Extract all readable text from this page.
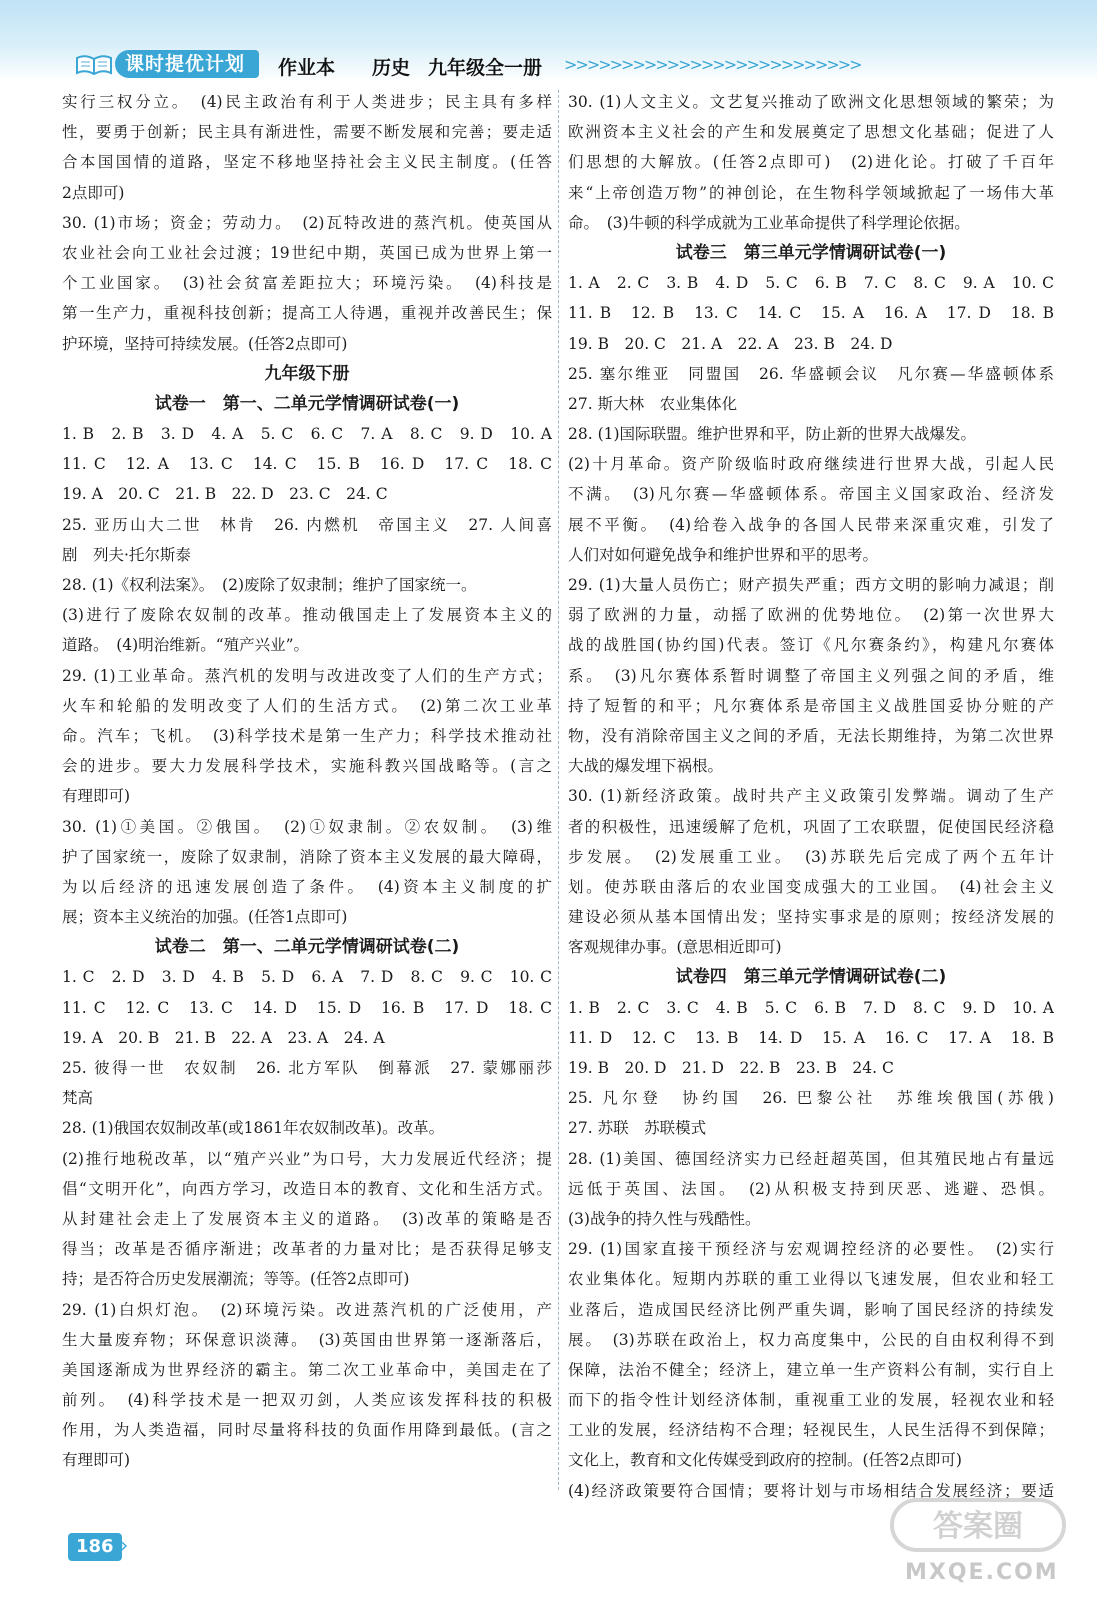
课时提优计划	作业本 历史 九年级全一册 >>>>>>>>>>>>>>>>>>>>>>>>>>
实行三权分立。　(4)民主政治有利于人类进步；民主具有多样
性，要勇于创新；民主具有渐进性，需要不断发展和完善；要走适
合本国国情的道路，坚定不移地坚持社会主义民主制度。(任答
2点即可)
30. (1)市场；资金；劳动力。　(2)瓦特改进的蒸汽机。使英国从
农业社会向工业社会过渡；19世纪中期，英国已成为世界上第一
个工业国家。　(3)社会贫富差距拉大；环境污染。　(4)科技是
第一生产力，重视科技创新；提高工人待遇，重视并改善民生；保
护环境，坚持可持续发展。(任答2点即可)
九年级下册
试卷一　第一、二单元学情调研试卷(一)
1. B　2. B　3. D　4. A　5. C　6. C　7. A　8. C　9. D　10. A
11. C　12. A　13. C　14. C　15. B　16. D　17. C　18. C
19. A　20. C　21. B　22. D　23. C　24. C
25. 亚历山大二世　林肯　26. 内燃机　帝国主义　27. 人间喜
剧　列夫·托尔斯泰
28. (1)《权利法案》。　(2)废除了奴隶制；维护了国家统一。
(3)进行了废除农奴制的改革。推动俄国走上了发展资本主义的
道路。　(4)明治维新。“殖产兴业”。
29. (1)工业革命。蒸汽机的发明与改进改变了人们的生产方式；
火车和轮船的发明改变了人们的生活方式。　(2)第二次工业革
命。汽车；飞机。　(3)科学技术是第一生产力；科学技术推动社
会的进步。要大力发展科学技术，实施科教兴国战略等。(言之
有理即可)
30. (1)①美国。②俄国。　(2)①奴隶制。②农奴制。　(3)维
护了国家统一，废除了奴隶制，消除了资本主义发展的最大障碍，
为以后经济的迅速发展创造了条件。　(4)资本主义制度的扩
展；资本主义统治的加强。(任答1点即可)
试卷二　第一、二单元学情调研试卷(二)
1. C　2. D　3. D　4. B　5. D　6. A　7. D　8. C　9. C　10. C
11. C　12. C　13. C　14. D　15. D　16. B　17. D　18. C
19. A　20. B　21. B　22. A　23. A　24. A
25. 彼得一世　农奴制　26. 北方军队　倒幕派　27. 蒙娜丽莎
梵高
28. (1)俄国农奴制改革(或1861年农奴制改革)。改革。
(2)推行地税改革，以“殖产兴业”为口号，大力发展近代经济；提
倡“文明开化”，向西方学习，改造日本的教育、文化和生活方式。
从封建社会走上了发展资本主义的道路。　(3)改革的策略是否
得当；改革是否循序渐进；改革者的力量对比；是否获得足够支
持；是否符合历史发展潮流；等等。(任答2点即可)
29. (1)白炽灯泡。　(2)环境污染。改进蒸汽机的广泛使用，产
生大量废弃物；环保意识淡薄。　(3)英国由世界第一逐渐落后，
美国逐渐成为世界经济的霸主。第二次工业革命中，美国走在了
前列。　(4)科学技术是一把双刃剑，人类应该发挥科技的积极
作用，为人类造福，同时尽量将科技的负面作用降到最低。(言之
有理即可)
30. (1)人文主义。文艺复兴推动了欧洲文化思想领域的繁荣；为
欧洲资本主义社会的产生和发展奠定了思想文化基础；促进了人
们思想的大解放。(任答2点即可)　(2)进化论。打破了千百年
来“上帝创造万物”的神创论，在生物科学领域掀起了一场伟大革
命。　(3)牛顿的科学成就为工业革命提供了科学理论依据。
试卷三　第三单元学情调研试卷(一)
1. A　2. C　3. B　4. D　5. C　6. B　7. C　8. C　9. A　10. C
11. B　12. B　13. C　14. C　15. A　16. A　17. D　18. B
19. B　20. C　21. A　22. A　23. B　24. D
25. 塞尔维亚　同盟国　26. 华盛顿会议　凡尔赛—华盛顿体系
27. 斯大林　农业集体化
28. (1)国际联盟。维护世界和平，防止新的世界大战爆发。
(2)十月革命。资产阶级临时政府继续进行世界大战，引起人民
不满。　(3)凡尔赛—华盛顿体系。帝国主义国家政治、经济发
展不平衡。　(4)给卷入战争的各国人民带来深重灾难，引发了
人们对如何避免战争和维护世界和平的思考。
29. (1)大量人员伤亡；财产损失严重；西方文明的影响力减退；削
弱了欧洲的力量，动摇了欧洲的优势地位。　(2)第一次世界大
战的战胜国(协约国)代表。签订《凡尔赛条约》，构建凡尔赛体
系。　(3)凡尔赛体系暂时调整了帝国主义列强之间的矛盾，维
持了短暂的和平；凡尔赛体系是帝国主义战胜国妥协分赃的产
物，没有消除帝国主义之间的矛盾，无法长期维持，为第二次世界
大战的爆发埋下祸根。
30. (1)新经济政策。战时共产主义政策引发弊端。调动了生产
者的积极性，迅速缓解了危机，巩固了工农联盟，促使国民经济稳
步发展。　(2)发展重工业。　(3)苏联先后完成了两个五年计
划。使苏联由落后的农业国变成强大的工业国。　(4)社会主义
建设必须从基本国情出发；坚持实事求是的原则；按经济发展的
客观规律办事。(意思相近即可)
试卷四　第三单元学情调研试卷(二)
1. B　2. C　3. C　4. B　5. C　6. B　7. D　8. C　9. D　10. A
11. D　12. C　13. B　14. D　15. A　16. C　17. A　18. B
19. B　20. D　21. D　22. B　23. B　24. C
25. 凡尔登　协约国　26. 巴黎公社　苏维埃俄国(苏俄)
27. 苏联　苏联模式
28. (1)美国、德国经济实力已经赶超英国，但其殖民地占有量远
远低于英国、法国。　(2)从积极支持到厌恶、逃避、恐惧。
(3)战争的持久性与残酷性。
29. (1)国家直接干预经济与宏观调控经济的必要性。　(2)实行
农业集体化。短期内苏联的重工业得以飞速发展，但农业和轻工
业落后，造成国民经济比例严重失调，影响了国民经济的持续发
展。　(3)苏联在政治上，权力高度集中，公民的自由权利得不到
保障，法治不健全；经济上，建立单一生产资料公有制，实行自上
而下的指令性计划经济体制，重视重工业的发展，轻视农业和轻
工业的发展，经济结构不合理；轻视民生，人民生活得不到保障；
文化上，教育和文化传媒受到政府的控制。(任答2点即可)
(4)经济政策要符合国情；要将计划与市场相结合发展经济；要适
186 »
答案圈
MXQE.COM
